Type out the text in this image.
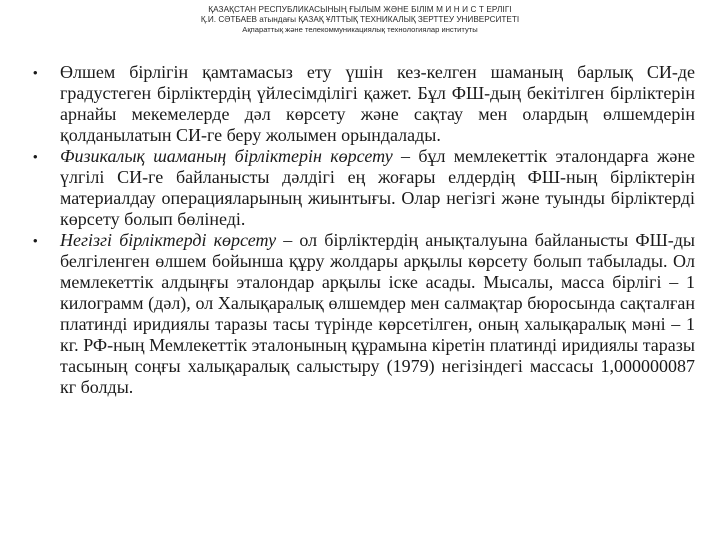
ҚАЗАҚСТАН РЕСПУБЛИКАСЫНЫҢ ҒЫЛЫМ ЖӘНЕ БІЛІМ М И Н И С Т ЕРЛІГІ
Қ.И. СӘТБАЕВ атындағы ҚАЗАҚ ҰЛТТЫҚ ТЕХНИКАЛЫҚ ЗЕРТТЕУ УНИВЕРСИТЕТІ
Ақпараттық және телекоммуникациялық технологиялар институты
• Өлшем бірлігін қамтамасыз ету үшін кез-келген шаманың барлық СИ-де градустеген бірліктердің үйлесімділігі қажет. Бұл ФШ-дың бекітілген бірліктерін арнайы мекемелерде дәл көрсету және сақтау мен олардың өлшемдерін қолданылатын СИ-ге беру жолымен орындалады.

• Физикалық шаманың бірліктерін көрсету – бұл мемлекеттік эталондарға және үлгілі СИ-ге байланысты дәлдігі ең жоғары елдердің ФШ-ның бірліктерін материалдау операцияларының жиынтығы. Олар негізгі және туынды бірліктерді көрсету болып бөлінеді.

• Негізгі бірліктерді көрсету – ол бірліктердің анықталуына байланысты ФШ-ды белгіленген өлшем бойынша құру жолдары арқылы көрсету болып табылады. Ол мемлекеттік алдыңғы эталондар арқылы іске асады. Мысалы, масса бірлігі – 1 килограмм (дәл), ол Халықаралық өлшемдер мен салмақтар бюросында сақталған платинді иридиялы таразы тасы түрінде көрсетілген, оның халықаралық мәні – 1 кг. РФ-ның Мемлекеттік эталонының құрамына кіретін платинді иридиялы таразы тасының соңғы халықаралық салыстыру (1979) негізіндегі массасы 1,000000087 кг болды.
